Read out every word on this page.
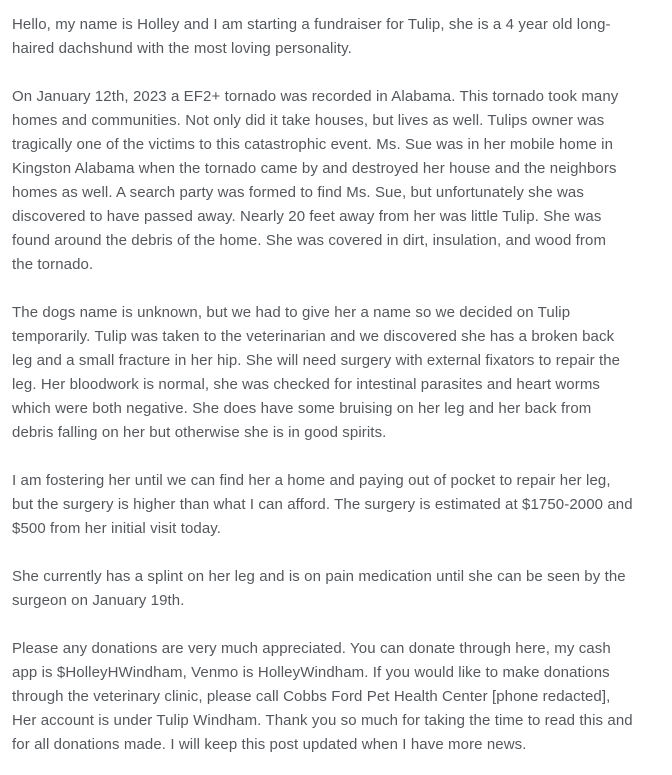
Hello, my name is Holley and I am starting a fundraiser for Tulip, she is a 4 year old long-
haired dachshund with the most loving personality.

On January 12th, 2023 a EF2+ tornado was recorded in Alabama. This tornado took many
homes and communities. Not only did it take houses, but lives as well. Tulips owner was
tragically one of the victims to this catastrophic event. Ms. Sue was in her mobile home in
Kingston Alabama when the tornado came by and destroyed her house and the neighbors
homes as well. A search party was formed to find Ms. Sue, but unfortunately she was
discovered to have passed away. Nearly 20 feet away from her was little Tulip. She was
found around the debris of the home. She was covered in dirt, insulation, and wood from
the tornado.

The dogs name is unknown, but we had to give her a name so we decided on Tulip
temporarily. Tulip was taken to the veterinarian and we discovered she has a broken back
leg and a small fracture in her hip. She will need surgery with external fixators to repair the
leg. Her bloodwork is normal, she was checked for intestinal parasites and heart worms
which were both negative. She does have some bruising on her leg and her back from
debris falling on her but otherwise she is in good spirits.

I am fostering her until we can find her a home and paying out of pocket to repair her leg,
but the surgery is higher than what I can afford. The surgery is estimated at $1750-2000 and
$500 from her initial visit today.

She currently has a splint on her leg and is on pain medication until she can be seen by the
surgeon on January 19th.

Please any donations are very much appreciated. You can donate through here, my cash
app is $HolleyHWindham, Venmo is HolleyWindham. If you would like to make donations
through the veterinary clinic, please call Cobbs Ford Pet Health Center [phone redacted],
Her account is under Tulip Windham. Thank you so much for taking the time to read this and
for all donations made. I will keep this post updated when I have more news.
